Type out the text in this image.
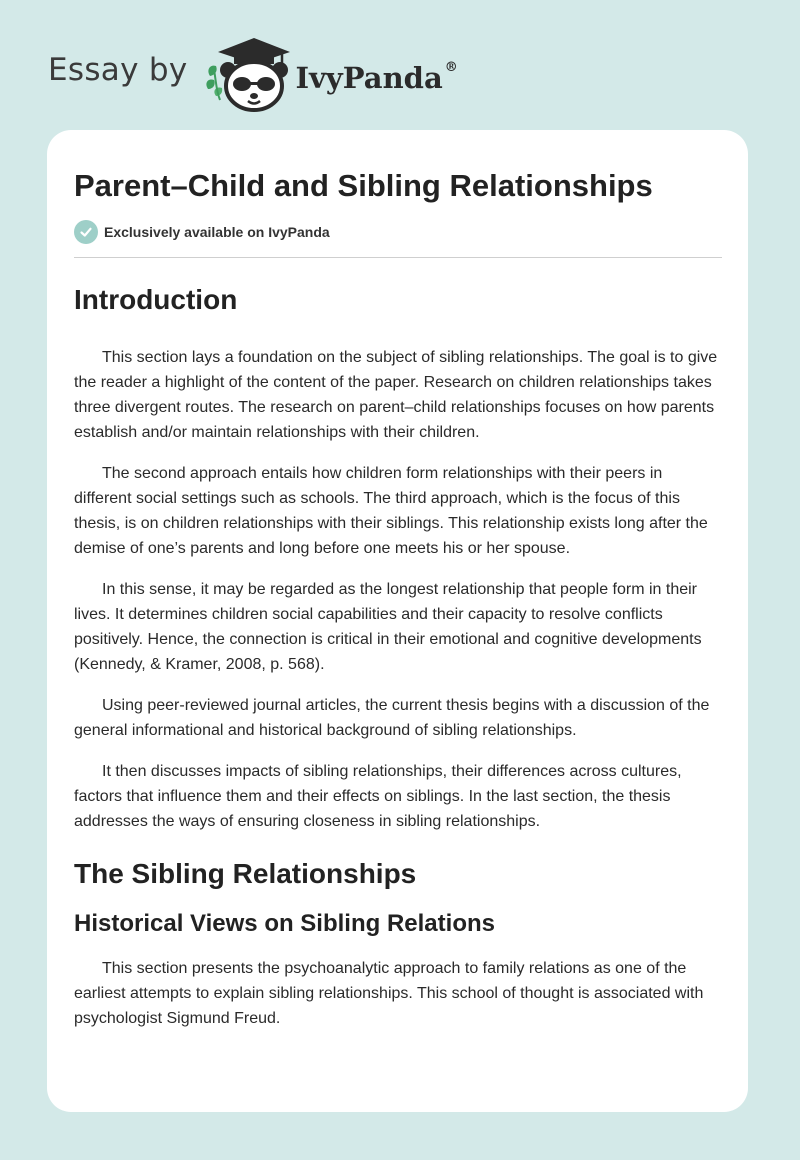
Essay by	IvyPanda ®
Parent–Child and Sibling Relationships
Exclusively available on IvyPanda
Introduction

This section lays a foundation on the subject of sibling relationships. The goal is to give the reader a highlight of the content of the paper. Research on children relationships takes three divergent routes. The research on parent–child relationships focuses on how parents establish and/or maintain relationships with their children.

The second approach entails how children form relationships with their peers in different social settings such as schools. The third approach, which is the focus of this thesis, is on children relationships with their siblings. This relationship exists long after the demise of one’s parents and long before one meets his or her spouse.

In this sense, it may be regarded as the longest relationship that people form in their lives. It determines children social capabilities and their capacity to resolve conflicts positively. Hence, the connection is critical in their emotional and cognitive developments (Kennedy, & Kramer, 2008, p. 568).

Using peer-reviewed journal articles, the current thesis begins with a discussion of the general informational and historical background of sibling relationships.

It then discusses impacts of sibling relationships, their differences across cultures, factors that influence them and their effects on siblings. In the last section, the thesis addresses the ways of ensuring closeness in sibling relationships.

The Sibling Relationships
Historical Views on Sibling Relations

This section presents the psychoanalytic approach to family relations as one of the earliest attempts to explain sibling relationships. This school of thought is associated with psychologist Sigmund Freud.
